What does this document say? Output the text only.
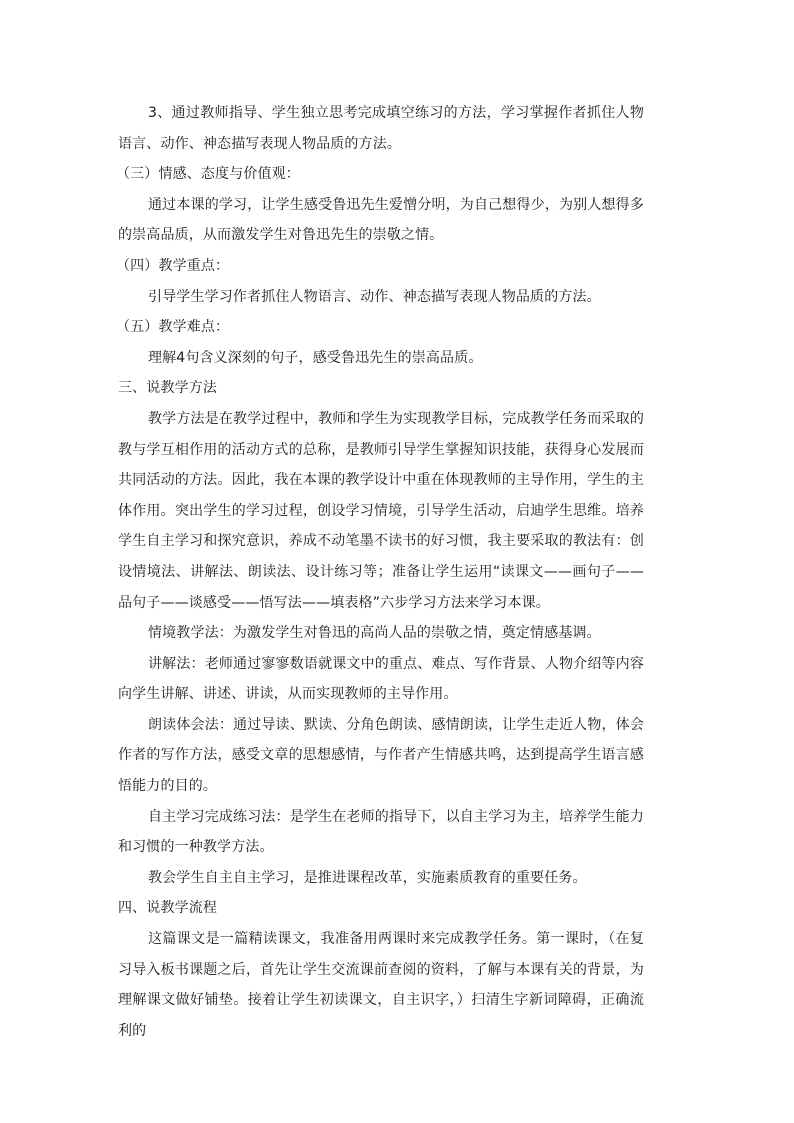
3、通过教师指导、学生独立思考完成填空练习的方法，学习掌握作者抓住人物语言、动作、神态描写表现人物品质的方法。

（三）情感、态度与价值观：

通过本课的学习，让学生感受鲁迅先生爱憎分明，为自己想得少，为别人想得多的崇高品质，从而激发学生对鲁迅先生的崇敬之情。

（四）教学重点：

引导学生学习作者抓住人物语言、动作、神态描写表现人物品质的方法。

（五）教学难点：

理解4句含义深刻的句子，感受鲁迅先生的崇高品质。

三、说教学方法

教学方法是在教学过程中，教师和学生为实现教学目标，完成教学任务而采取的教与学互相作用的活动方式的总称，是教师引导学生掌握知识技能，获得身心发展而共同活动的方法。因此，我在本课的教学设计中重在体现教师的主导作用，学生的主体作用。突出学生的学习过程，创设学习情境，引导学生活动，启迪学生思维。培养学生自主学习和探究意识，养成不动笔墨不读书的好习惯，我主要采取的教法有：创设情境法、讲解法、朗读法、设计练习等；准备让学生运用“读课文——画句子——品句子——谈感受——悟写法——填表格”六步学习方法来学习本课。

情境教学法：为激发学生对鲁迅的高尚人品的崇敬之情，奠定情感基调。

讲解法：老师通过寥寥数语就课文中的重点、难点、写作背景、人物介绍等内容向学生讲解、讲述、讲读，从而实现教师的主导作用。

朗读体会法：通过导读、默读、分角色朗读、感情朗读，让学生走近人物，体会作者的写作方法，感受文章的思想感情，与作者产生情感共鸣，达到提高学生语言感悟能力的目的。

自主学习完成练习法：是学生在老师的指导下，以自主学习为主，培养学生能力和习惯的一种教学方法。

教会学生自主自主学习，是推进课程改革，实施素质教育的重要任务。

四、说教学流程

这篇课文是一篇精读课文，我准备用两课时来完成教学任务。第一课时，（在复习导入板书课题之后，首先让学生交流课前查阅的资料，了解与本课有关的背景，为理解课文做好铺垫。接着让学生初读课文，自主识字，）扫清生字新词障碍，正确流利的
